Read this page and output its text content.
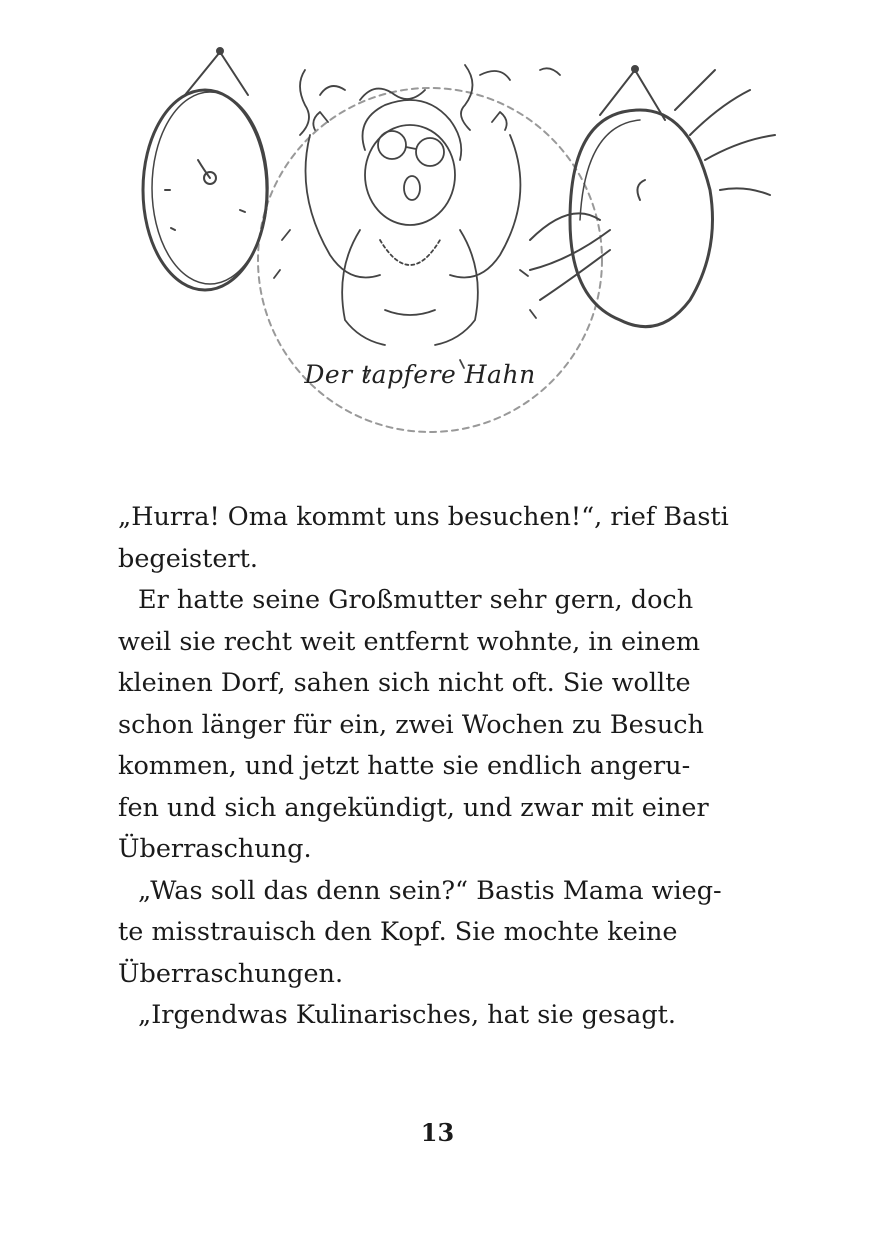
Der tapfere Hahn
„Hurra! Oma kommt uns besuchen!“, rief Basti
begeistert.
Er hatte seine Großmutter sehr gern, doch
weil sie recht weit entfernt wohnte, in einem
kleinen Dorf, sahen sich nicht oft. Sie wollte
schon länger für ein, zwei Wochen zu Besuch
kommen, und jetzt hatte sie endlich angeru-
fen und sich angekündigt, und zwar mit einer
Überraschung.
„Was soll das denn sein?“ Bastis Mama wieg-
te misstrauisch den Kopf. Sie mochte keine
Überraschungen.
„Irgendwas Kulinarisches, hat sie gesagt.
13
